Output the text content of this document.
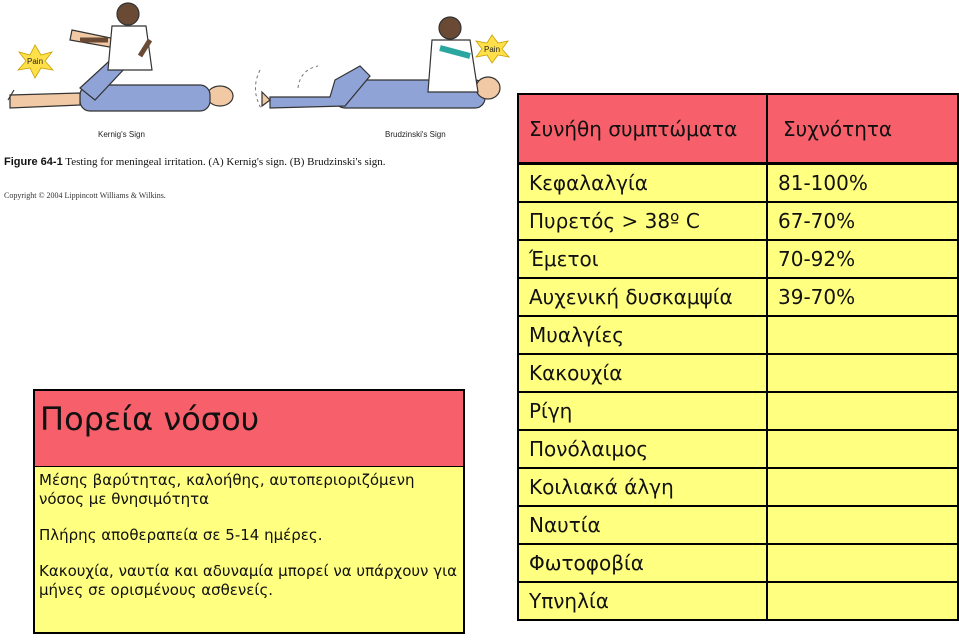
Pain
Pain
Kernig's Sign	Brudzinski's Sign
Figure 64-1 Testing for meningeal irritation. (A) Kernig's sign. (B) Brudzinski's sign.
Copyright © 2004 Lippincott Williams & Wilkins.
Πορεία νόσου

Μέσης βαρύτητας, καλοήθης, αυτοπεριοριζόμενη νόσος με θνησιμότητα

Πλήρης αποθεραπεία σε 5-14 ημέρες.

Κακουχία, ναυτία και αδυναμία μπορεί να υπάρχουν για μήνες σε ορισμένους ασθενείς.

Συνήθη συμπτώματα	Συχνότητα
Κεφαλαλγία	81-100%
Πυρετός > 38º C	67-70%
Έμετοι	70-92%
Αυχενική δυσκαμψία	39-70%
Μυαλγίες	
Κακουχία	
Ρίγη	
Πονόλαιμος	
Κοιλιακά άλγη	
Ναυτία	
Φωτοφοβία	
Υπνηλία	
